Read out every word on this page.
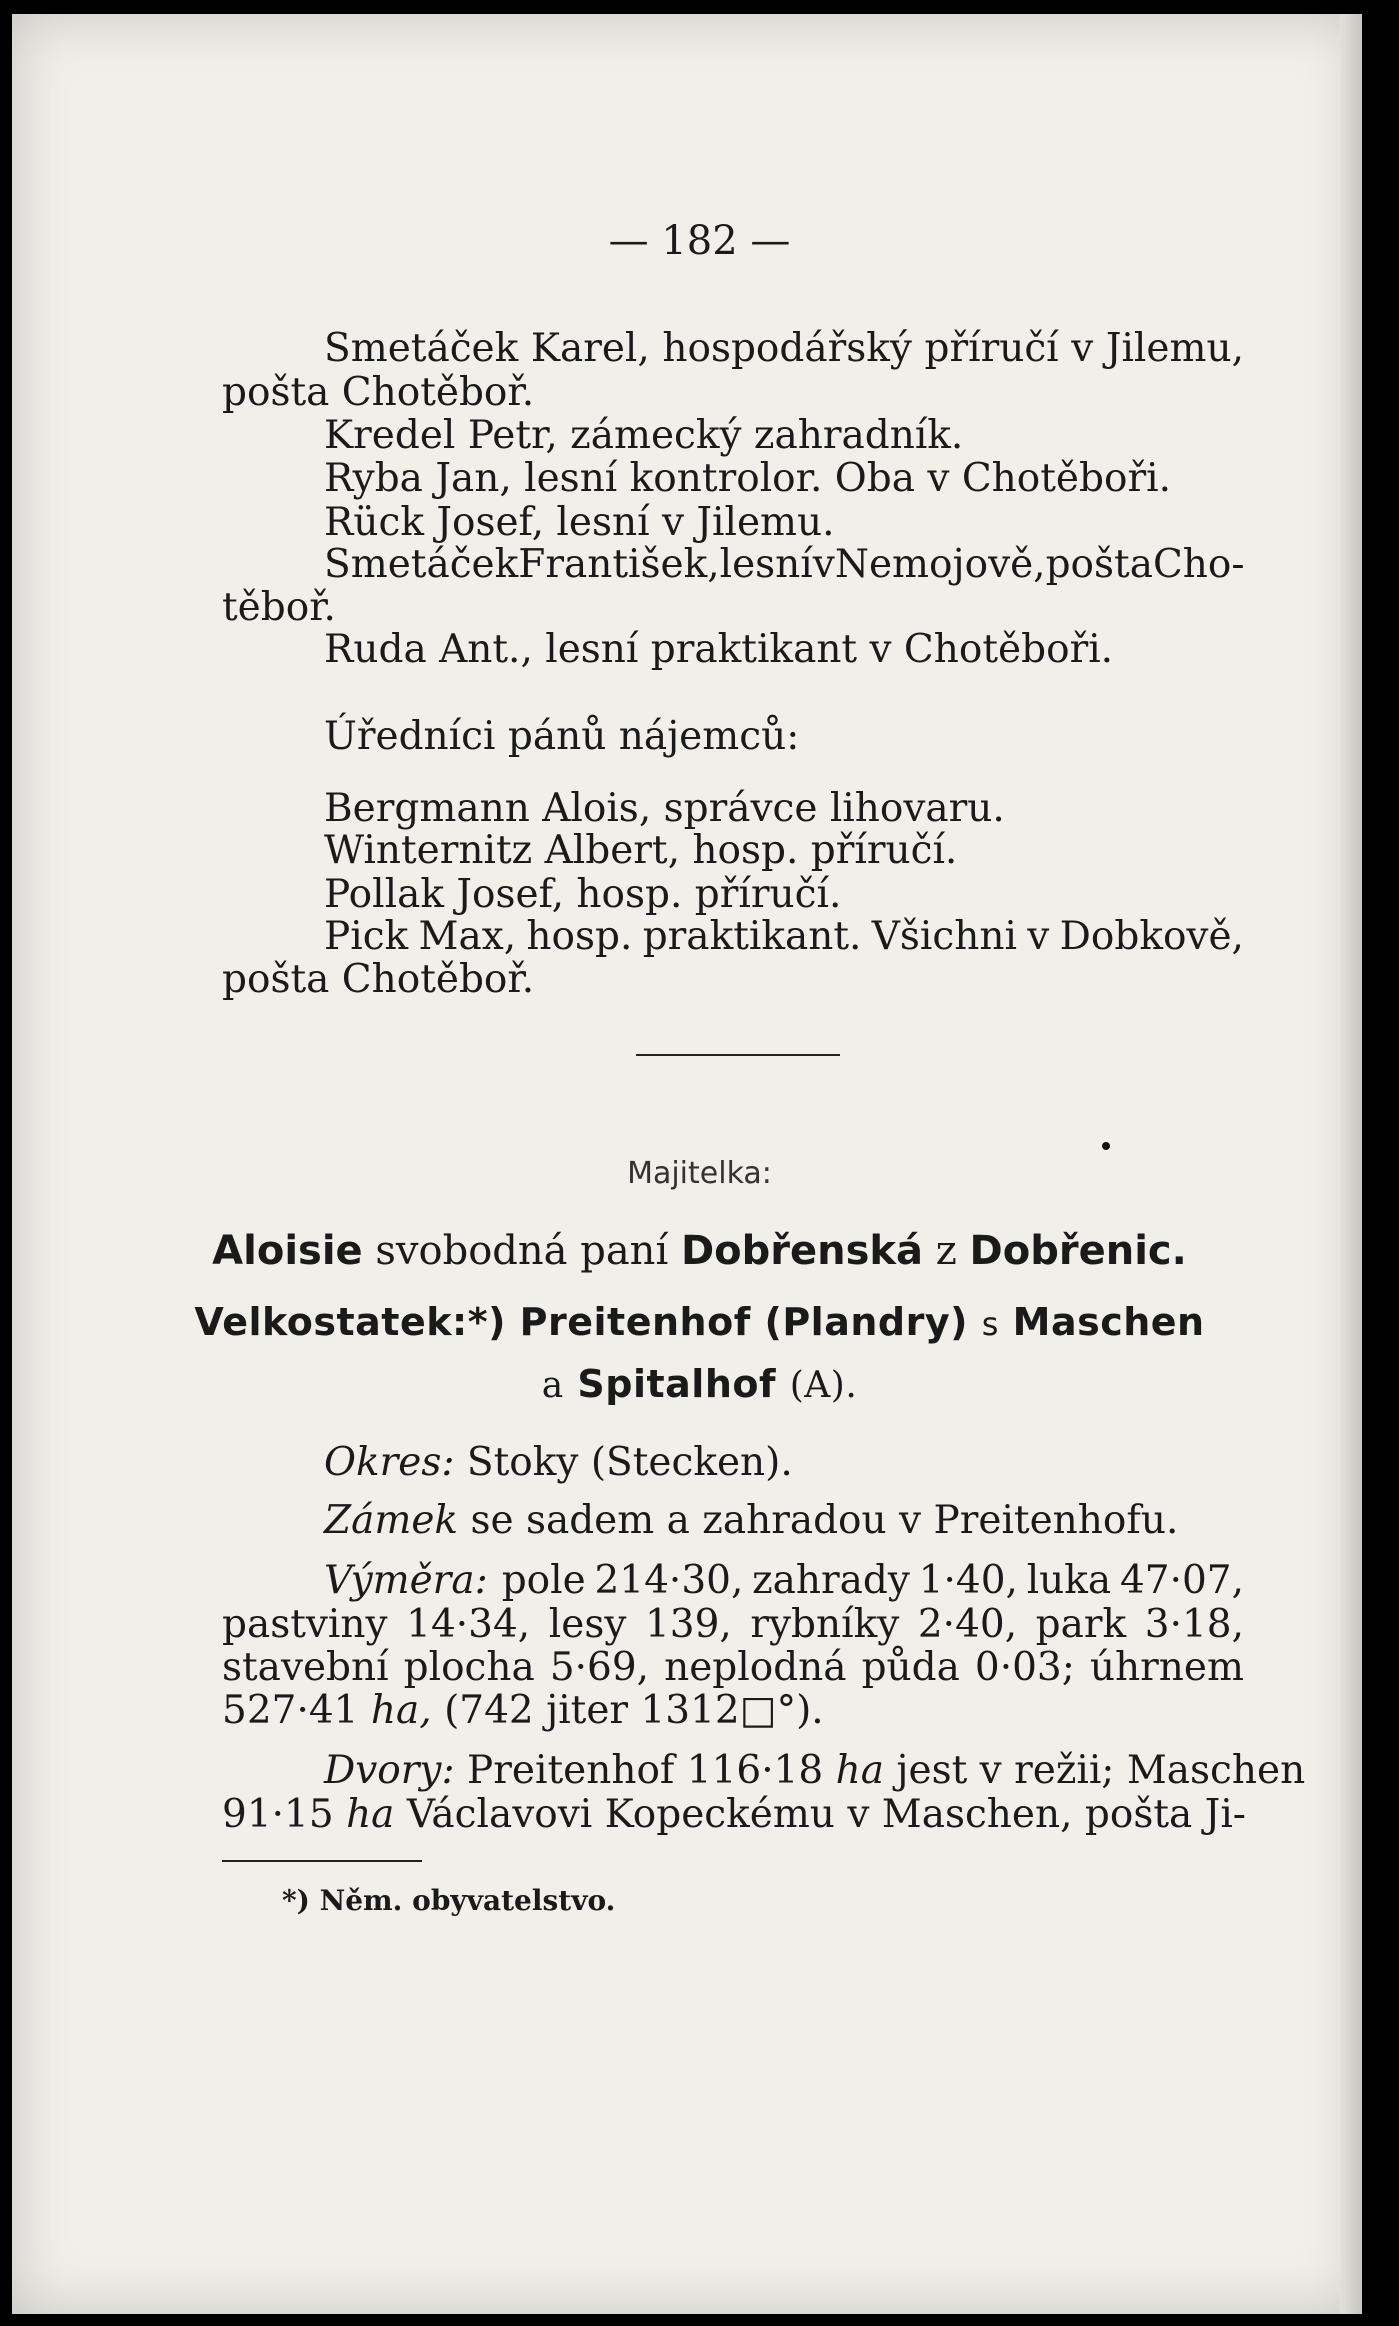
— 182 —
Smetáček Karel, hospodářský příručí v Jilemu,
pošta Chotěboř.
Kredel Petr, zámecký zahradník.
Ryba Jan, lesní kontrolor. Oba v Chotěboři.
Rück Josef, lesní v Jilemu.
Smetáček František, lesní v Nemojově, pošta Cho-
těboř.
Ruda Ant., lesní praktikant v Chotěboři.
Úředníci pánů nájemců:
Bergmann Alois, správce lihovaru.
Winternitz Albert, hosp. příručí.
Pollak Josef, hosp. příručí.
Pick Max, hosp. praktikant. Všichni v Dobkově,
pošta Chotěboř.
Majitelka:
Aloisie svobodná paní Dobřenská z Dobřenic.
Velkostatek:*) Preitenhof (Plandry) s Maschen
a Spitalhof (A).
Okres: Stoky (Stecken).
Zámek se sadem a zahradou v Preitenhofu.
Výměra: pole 214·30, zahrady 1·40, luka 47·07,
pastviny 14·34, lesy 139, rybníky 2·40, park 3·18,
stavební plocha 5·69, neplodná půda 0·03; úhrnem
527·41 ha, (742 jiter 1312□°).
Dvory: Preitenhof 116·18 ha jest v režii; Maschen
91·15 ha Václavovi Kopeckému v Maschen, pošta Ji-
*) Něm. obyvatelstvo.
